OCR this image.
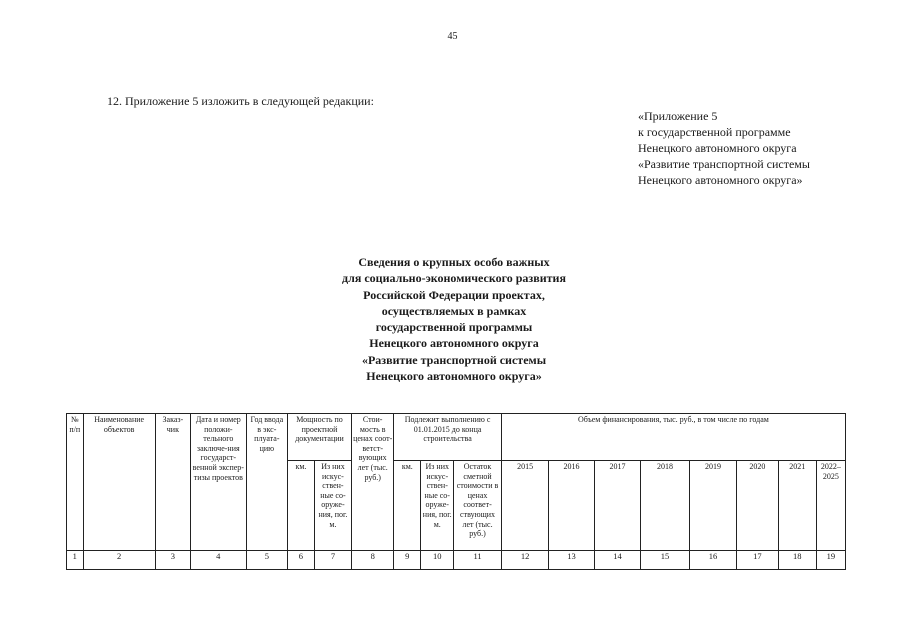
45
12. Приложение 5 изложить в следующей редакции:
«Приложение 5
к государственной программе
Ненецкого автономного округа
«Развитие транспортной системы
Ненецкого автономного округа»
Сведения о крупных особо важных
для социально-экономического развития
Российской Федерации проектах,
осуществляемых в рамках
государственной программы
Ненецкого автономного округа
«Развитие транспортной системы
Ненецкого автономного округа»
№ п/п	Наименование объектов	Заказ-чик	Дата и номер положи-тельного заключе-ния государст-венной экспер-тизы проектов	Год ввода в экс-плуата-цию	Мощность по проектной документации		Стои-мость в ценах соот-ветст-вующих лет (тыс. руб.)	Подлежит выполнению с 01.01.2015 до конца строительства			Объем финансирования, тыс. руб., в том числе по годам							
					км.	Из них искус-ствен-ные со-оруже-ния, пог. м.		км.	Из них искус-ствен-ные со-оруже-ния, пог. м.	Остаток сметной стоимости в ценах соответ-ствующих лет (тыс. руб.)	2015	2016	2017	2018	2019	2020	2021	2022–2025
1	2	3	4	5	6	7	8	9	10	11	12	13	14	15	16	17	18	19
